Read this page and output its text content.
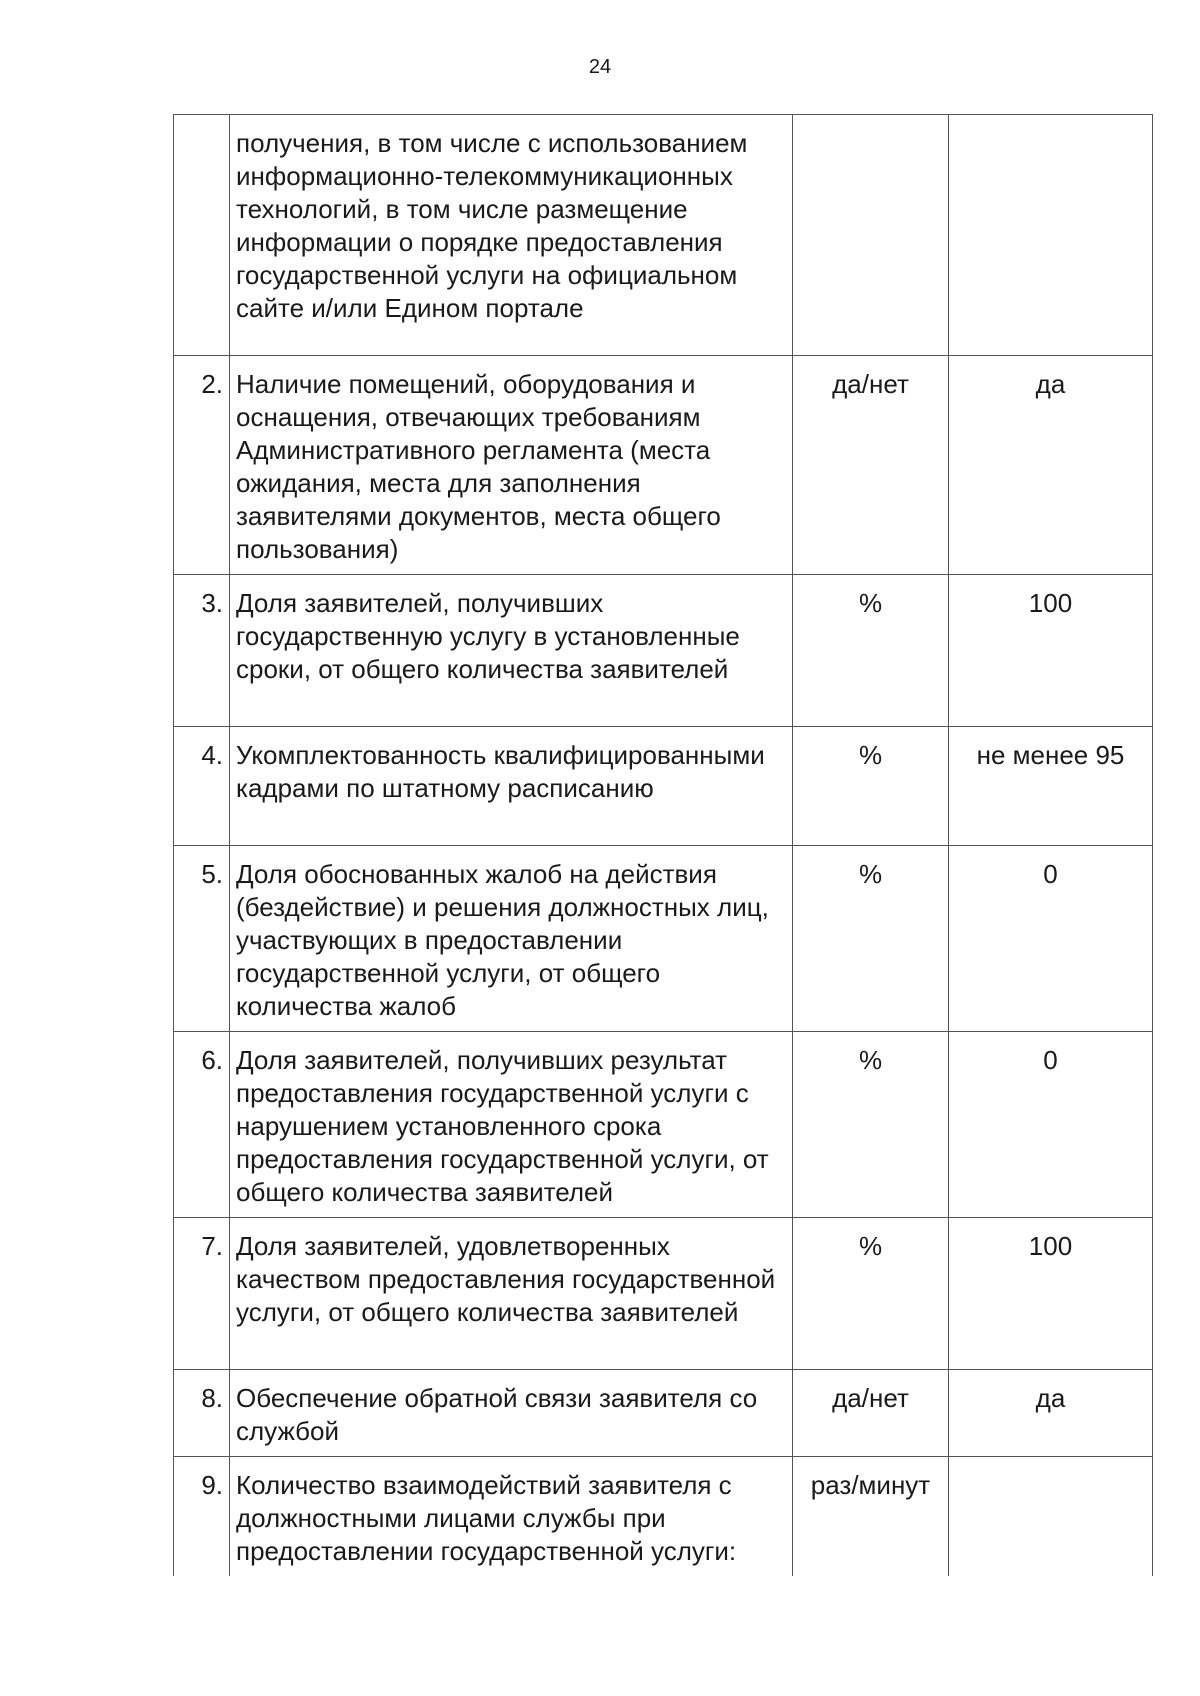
24
	получения, в том числе с использованием информационно-телекоммуникационных технологий, в том числе размещение информации о порядке предоставления государственной услуги на официальном сайте и/или Едином портале		
2.	Наличие помещений, оборудования и оснащения, отвечающих требованиям Административного регламента (места ожидания, места для заполнения заявителями документов, места общего пользования)	да/нет	да
3.	Доля заявителей, получивших государственную услугу в установленные сроки, от общего количества заявителей	%	100
4.	Укомплектованность квалифицированными кадрами по штатному расписанию	%	не менее 95
5.	Доля обоснованных жалоб на действия (бездействие) и решения должностных лиц, участвующих в предоставлении государственной услуги, от общего количества жалоб	%	0
6.	Доля заявителей, получивших результат предоставления государственной услуги с нарушением установленного срока предоставления государственной услуги, от общего количества заявителей	%	0
7.	Доля заявителей, удовлетворенных качеством предоставления государственной услуги, от общего количества заявителей	%	100
8.	Обеспечение обратной связи заявителя со службой	да/нет	да
9.	Количество взаимодействий заявителя с должностными лицами службы при предоставлении государственной услуги:	раз/минут	
